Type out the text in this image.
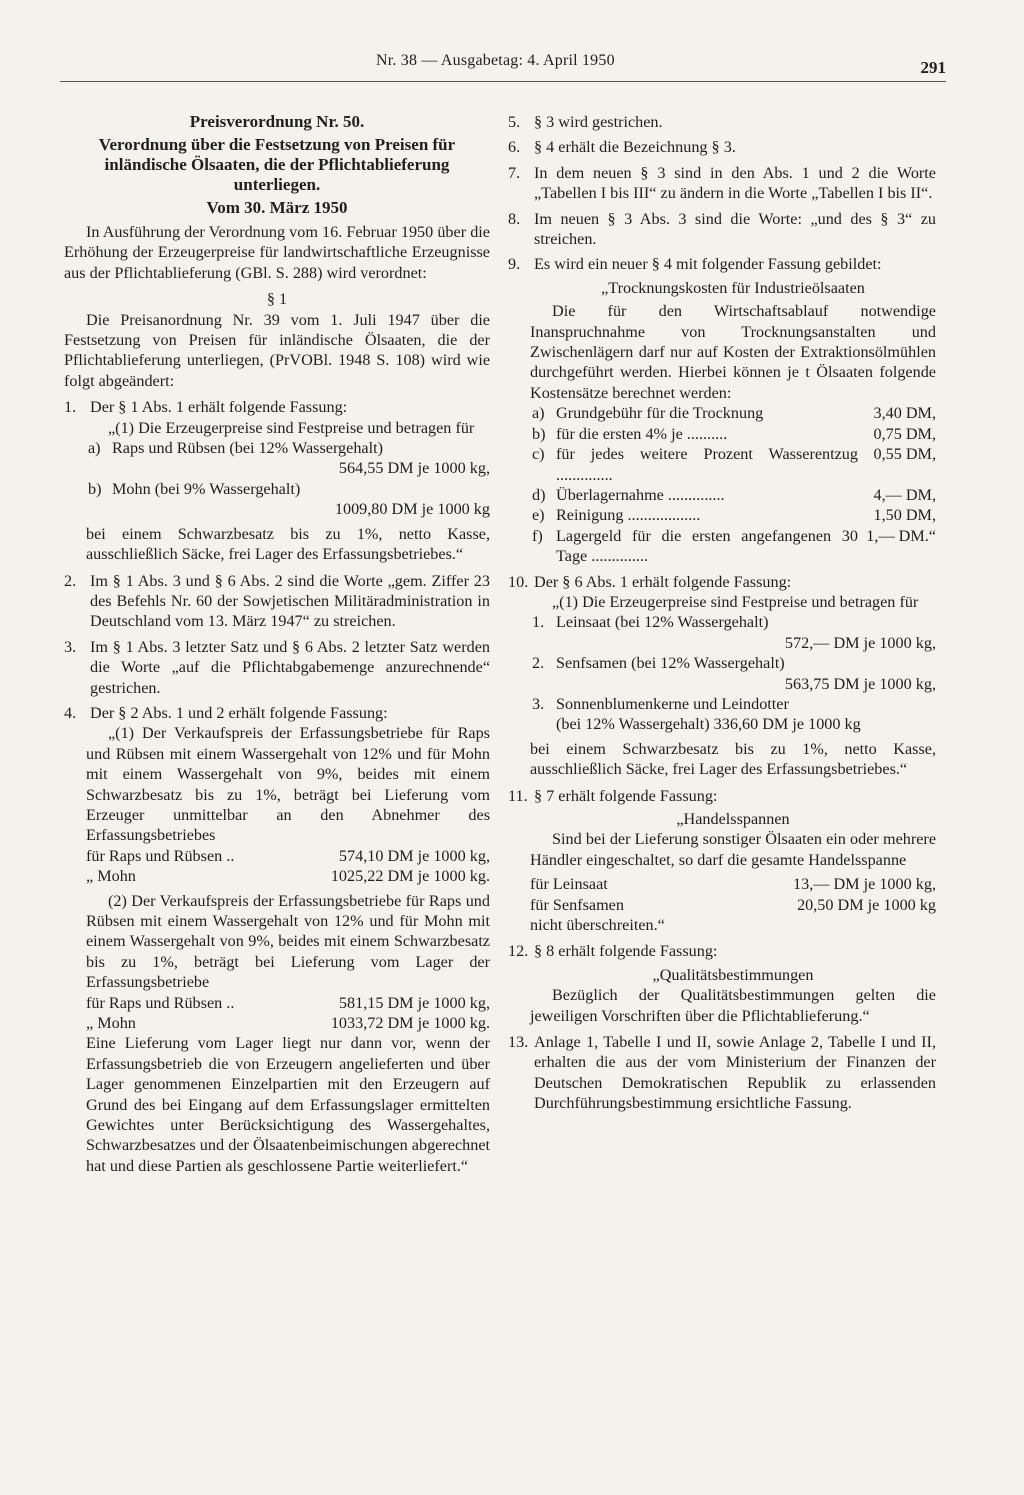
Nr. 38 — Ausgabetag: 4. April 1950	291
Preisverordnung Nr. 50.
Verordnung über die Festsetzung von Preisen für inländische Ölsaaten, die der Pflichtablieferung unterliegen.
Vom 30. März 1950
In Ausführung der Verordnung vom 16. Februar 1950 über die Erhöhung der Erzeugerpreise für landwirtschaftliche Erzeugnisse aus der Pflichtablieferung (GBl. S. 288) wird verordnet:
§ 1
Die Preisanordnung Nr. 39 vom 1. Juli 1947 über die Festsetzung von Preisen für inländische Ölsaaten, die der Pflichtablieferung unterliegen, (PrVOBl. 1948 S. 108) wird wie folgt abgeändert:
1. Der § 1 Abs. 1 erhält folgende Fassung:
„(1) Die Erzeugerpreise sind Festpreise und betragen für
a) Raps und Rübsen (bei 12% Wassergehalt)
564,55 DM je 1000 kg,
b) Mohn (bei 9% Wassergehalt)
1009,80 DM je 1000 kg
bei einem Schwarzbesatz bis zu 1%, netto Kasse, ausschließlich Säcke, frei Lager des Erfassungsbetriebes.“
2. Im § 1 Abs. 3 und § 6 Abs. 2 sind die Worte „gem. Ziffer 23 des Befehls Nr. 60 der Sowjetischen Militäradministration in Deutschland vom 13. März 1947“ zu streichen.
3. Im § 1 Abs. 3 letzter Satz und § 6 Abs. 2 letzter Satz werden die Worte „auf die Pflichtabgabemenge anzurechnende“ gestrichen.
4. Der § 2 Abs. 1 und 2 erhält folgende Fassung:
„(1) Der Verkaufspreis der Erfassungsbetriebe für Raps und Rübsen mit einem Wassergehalt von 12% und für Mohn mit einem Wassergehalt von 9%, beides mit einem Schwarzbesatz bis zu 1%, beträgt bei Lieferung vom Erzeuger unmittelbar an den Abnehmer des Erfassungsbetriebes
für Raps und Rübsen ..	574,10 DM je 1000 kg,
„ Mohn	1025,22 DM je 1000 kg.
(2) Der Verkaufspreis der Erfassungsbetriebe für Raps und Rübsen mit einem Wassergehalt von 12% und für Mohn mit einem Wassergehalt von 9%, beides mit einem Schwarzbesatz bis zu 1%, beträgt bei Lieferung vom Lager der Erfassungsbetriebe
für Raps und Rübsen ..	581,15 DM je 1000 kg,
„ Mohn	1033,72 DM je 1000 kg.
Eine Lieferung vom Lager liegt nur dann vor, wenn der Erfassungsbetrieb die von Erzeugern angelieferten und über Lager genommenen Einzelpartien mit den Erzeugern auf Grund des bei Eingang auf dem Erfassungslager ermittelten Gewichtes unter Berücksichtigung des Wassergehaltes, Schwarzbesatzes und der Ölsaatenbeimischungen abgerechnet hat und diese Partien als geschlossene Partie weiterliefert.“
5. § 3 wird gestrichen.
6. § 4 erhält die Bezeichnung § 3.
7. In dem neuen § 3 sind in den Abs. 1 und 2 die Worte „Tabellen I bis III“ zu ändern in die Worte „Tabellen I bis II“.
8. Im neuen § 3 Abs. 3 sind die Worte: „und des § 3“ zu streichen.
9. Es wird ein neuer § 4 mit folgender Fassung gebildet:
„Trocknungskosten für Industrieölsaaten
Die für den Wirtschaftsablauf notwendige Inanspruchnahme von Trocknungsanstalten und Zwischenlägern darf nur auf Kosten der Extraktionsölmühlen durchgeführt werden. Hierbei können je t Ölsaaten folgende Kostensätze berechnet werden:
a) Grundgebühr für die Trocknung	3,40 DM,
b) für die ersten 4% je ..........	0,75 DM,
c) für jedes weitere Prozent Wasserentzug ..............
0,55 DM,
d) Überlagernahme ..............	4,— DM,
e) Reinigung ..................	1,50 DM,
f) Lagergeld für die ersten angefangenen 30 Tage ..............
1,— DM.“
10. Der § 6 Abs. 1 erhält folgende Fassung:
„(1) Die Erzeugerpreise sind Festpreise und betragen für
1. Leinsaat (bei 12% Wassergehalt)
572,— DM je 1000 kg,
2. Senfsamen (bei 12% Wassergehalt)
563,75 DM je 1000 kg,
3. Sonnenblumenkerne und Leindotter
(bei 12% Wassergehalt) 336,60 DM je 1000 kg
bei einem Schwarzbesatz bis zu 1%, netto Kasse, ausschließlich Säcke, frei Lager des Erfassungsbetriebes.“
11. § 7 erhält folgende Fassung:
„Handelsspannen
Sind bei der Lieferung sonstiger Ölsaaten ein oder mehrere Händler eingeschaltet, so darf die gesamte Handelsspanne
für Leinsaat	13,— DM je 1000 kg,
für Senfsamen	20,50 DM je 1000 kg
nicht überschreiten.“
12. § 8 erhält folgende Fassung:
„Qualitätsbestimmungen
Bezüglich der Qualitätsbestimmungen gelten die jeweiligen Vorschriften über die Pflichtablieferung.“
13. Anlage 1, Tabelle I und II, sowie Anlage 2, Tabelle I und II, erhalten die aus der vom Ministerium der Finanzen der Deutschen Demokratischen Republik zu erlassenden Durchführungsbestimmung ersichtliche Fassung.
